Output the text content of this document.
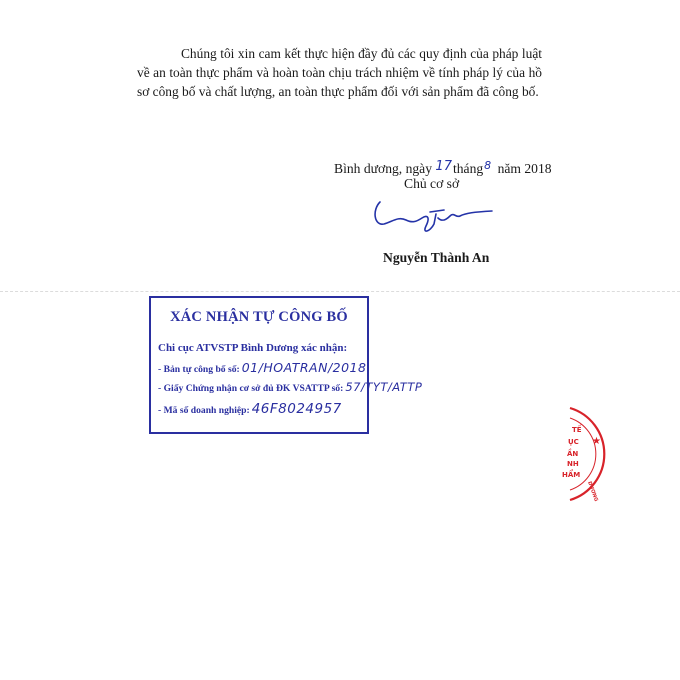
Chúng tôi xin cam kết thực hiện đầy đủ các quy định của pháp luật về an toàn thực phẩm và hoàn toàn chịu trách nhiệm về tính pháp lý của hồ sơ công bố và chất lượng, an toàn thực phẩm đối với sản phẩm đã công bố.
Bình dương, ngày 17tháng$^8$ năm 2018
Chủ cơ sở
Nguyễn Thành An
XÁC NHẬN TỰ CÔNG BỐ
Chi cục ATVSTP Bình Dương xác nhận:
- Bản tự công bố số: 01/HOATRAN/2018
- Giấy Chứng nhận cơ sở đủ ĐK VSATTP số: 57/TYT/ATTP
- Mã số doanh nghiệp: 46F8024957
★
TẾ
ỤC
ẦN
NH
HẨM
DƯƠNG
